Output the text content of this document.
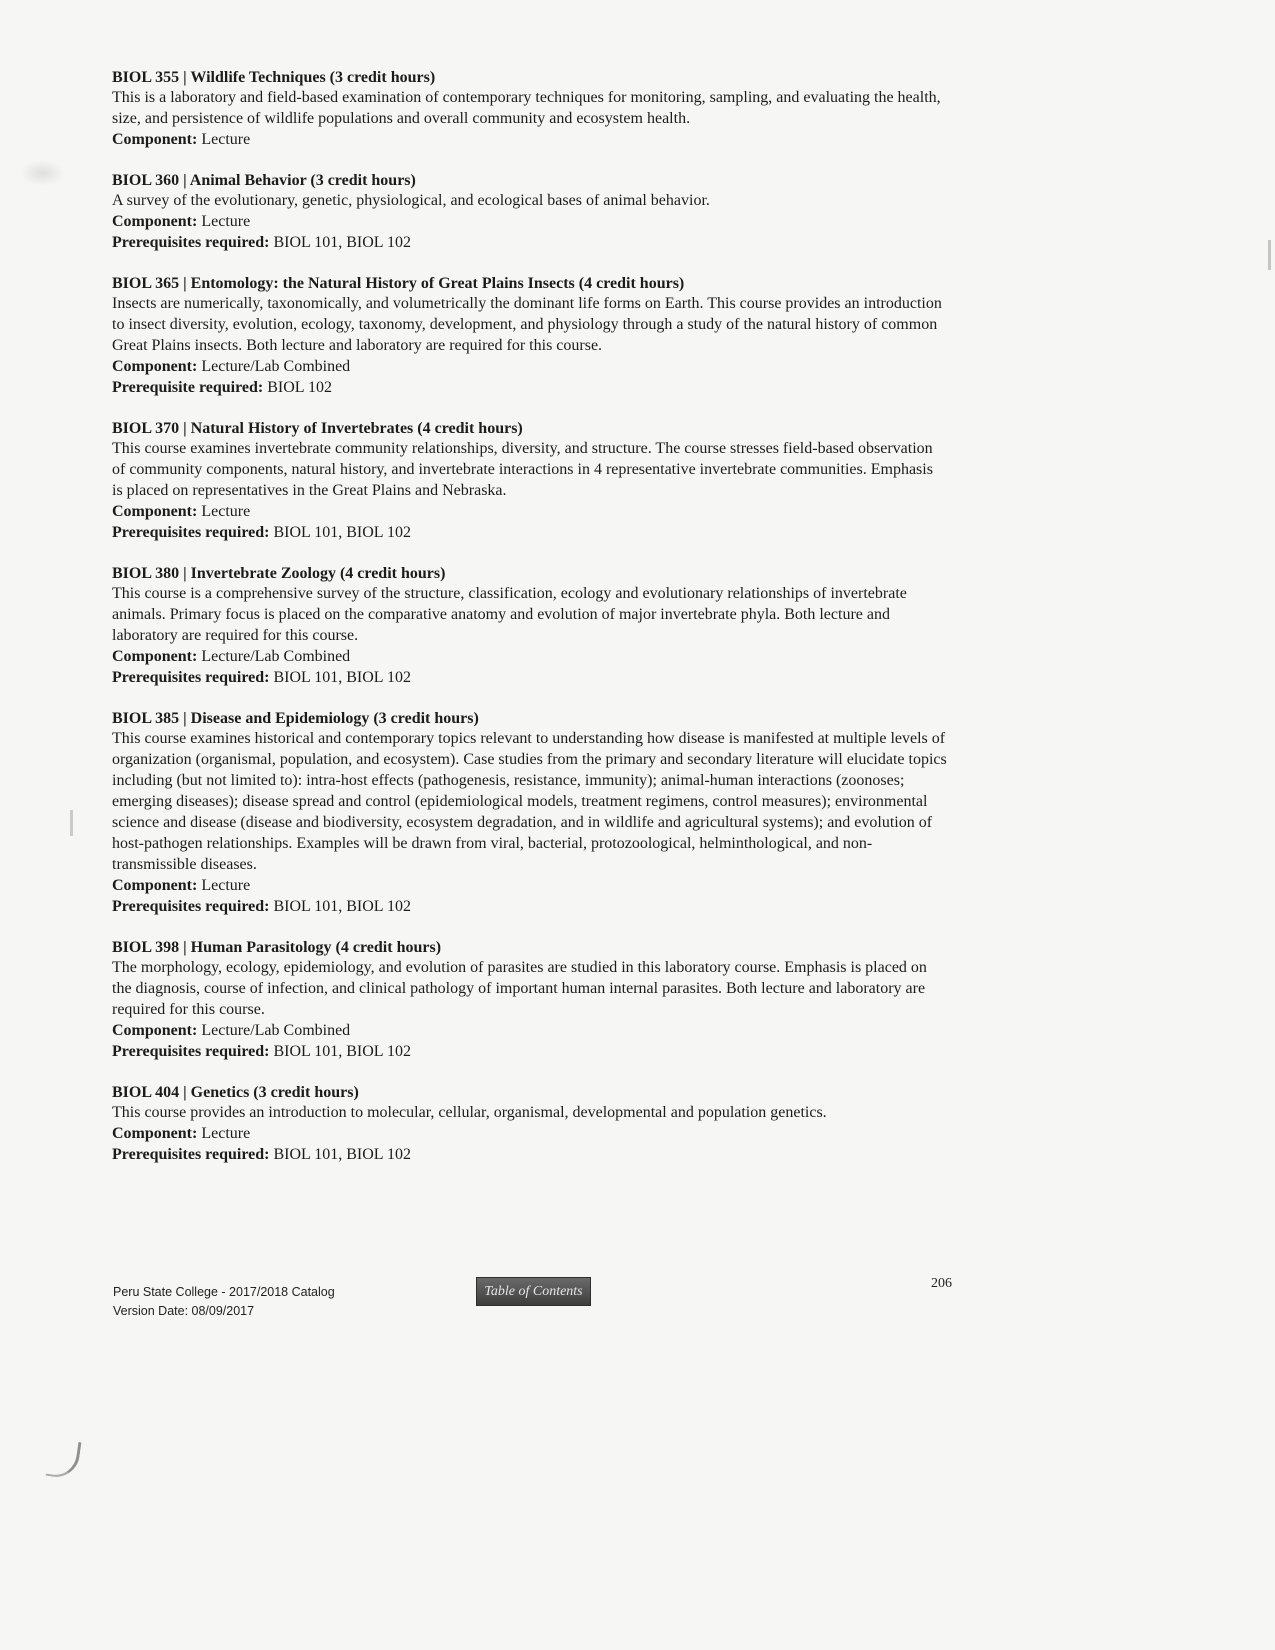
BIOL 355 | Wildlife Techniques (3 credit hours)
This is a laboratory and field-based examination of contemporary techniques for monitoring, sampling, and evaluating the health, size, and persistence of wildlife populations and overall community and ecosystem health.
Component: Lecture
BIOL 360 | Animal Behavior (3 credit hours)
A survey of the evolutionary, genetic, physiological, and ecological bases of animal behavior.
Component: Lecture
Prerequisites required: BIOL 101, BIOL 102
BIOL 365 | Entomology: the Natural History of Great Plains Insects (4 credit hours)
Insects are numerically, taxonomically, and volumetrically the dominant life forms on Earth. This course provides an introduction to insect diversity, evolution, ecology, taxonomy, development, and physiology through a study of the natural history of common Great Plains insects. Both lecture and laboratory are required for this course.
Component: Lecture/Lab Combined
Prerequisite required: BIOL 102
BIOL 370 | Natural History of Invertebrates (4 credit hours)
This course examines invertebrate community relationships, diversity, and structure. The course stresses field-based observation of community components, natural history, and invertebrate interactions in 4 representative invertebrate communities. Emphasis is placed on representatives in the Great Plains and Nebraska.
Component: Lecture
Prerequisites required: BIOL 101, BIOL 102
BIOL 380 | Invertebrate Zoology (4 credit hours)
This course is a comprehensive survey of the structure, classification, ecology and evolutionary relationships of invertebrate animals. Primary focus is placed on the comparative anatomy and evolution of major invertebrate phyla. Both lecture and laboratory are required for this course.
Component: Lecture/Lab Combined
Prerequisites required: BIOL 101, BIOL 102
BIOL 385 | Disease and Epidemiology (3 credit hours)
This course examines historical and contemporary topics relevant to understanding how disease is manifested at multiple levels of organization (organismal, population, and ecosystem). Case studies from the primary and secondary literature will elucidate topics including (but not limited to): intra-host effects (pathogenesis, resistance, immunity); animal-human interactions (zoonoses; emerging diseases); disease spread and control (epidemiological models, treatment regimens, control measures); environmental science and disease (disease and biodiversity, ecosystem degradation, and in wildlife and agricultural systems); and evolution of host-pathogen relationships. Examples will be drawn from viral, bacterial, protozoological, helminthological, and non-transmissible diseases.
Component: Lecture
Prerequisites required: BIOL 101, BIOL 102
BIOL 398 | Human Parasitology (4 credit hours)
The morphology, ecology, epidemiology, and evolution of parasites are studied in this laboratory course. Emphasis is placed on the diagnosis, course of infection, and clinical pathology of important human internal parasites. Both lecture and laboratory are required for this course.
Component: Lecture/Lab Combined
Prerequisites required: BIOL 101, BIOL 102
BIOL 404 | Genetics (3 credit hours)
This course provides an introduction to molecular, cellular, organismal, developmental and population genetics.
Component: Lecture
Prerequisites required: BIOL 101, BIOL 102
Peru State College - 2017/2018 Catalog
Version Date: 08/09/2017
Table of Contents	206
